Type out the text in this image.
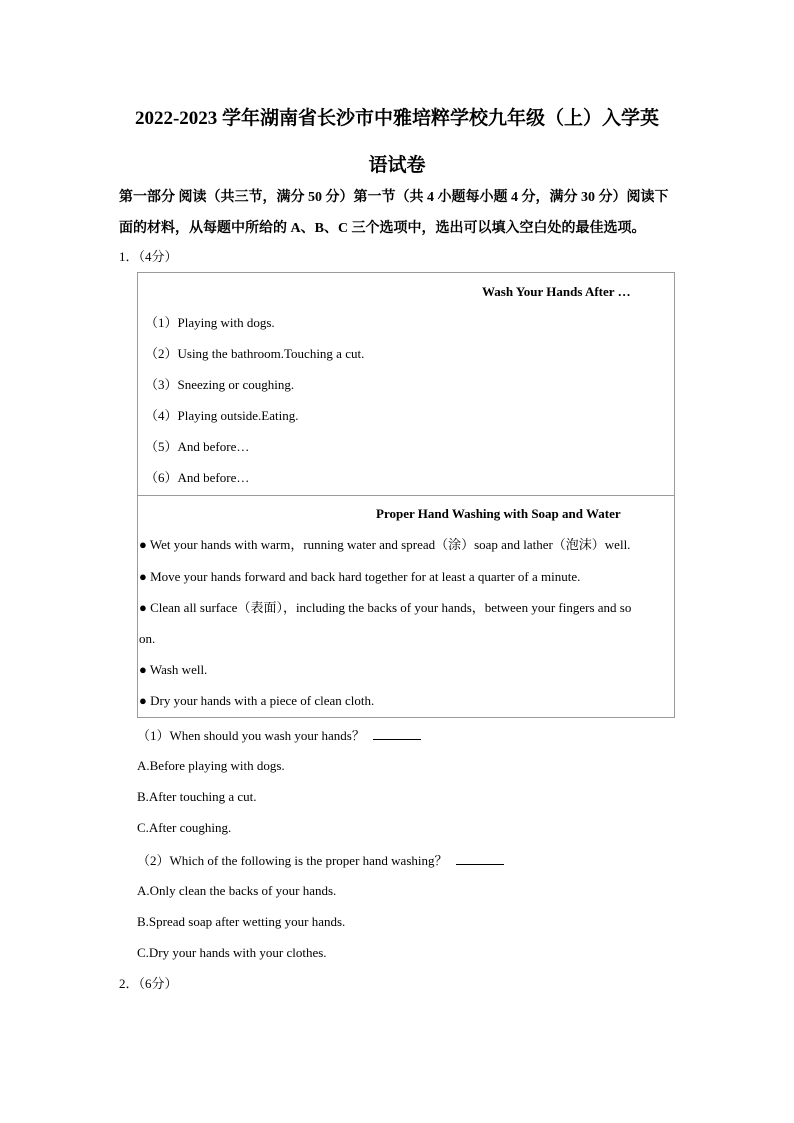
2022-2023 学年湖南省长沙市中雅培粹学校九年级（上）入学英
语试卷
第一部分 阅读（共三节，满分 50 分）第一节（共 4 小题每小题 4 分，满分 30 分）阅读下面的材料，从每题中所给的 A、B、C 三个选项中，选出可以填入空白处的最佳选项。
1．（4分）
Wash Your Hands After …
（1）Playing with dogs.
（2）Using the bathroom.Touching a cut.
（3）Sneezing or coughing.
（4）Playing outside.Eating.
（5）And before…
（6）And before…
Proper Hand Washing with Soap and Water
● Wet your hands with warm，running water and spread（涂）soap and lather（泡沫）well.
● Move your hands forward and back hard together for at least a quarter of a minute.
● Clean all surface（表面），including the backs of your hands，between your fingers and so
on.
● Wash well.
● Dry your hands with a piece of clean cloth.
（1）When should you wash your hands？
A.Before playing with dogs.
B.After touching a cut.
C.After coughing.
（2）Which of the following is the proper hand washing？
A.Only clean the backs of your hands.
B.Spread soap after wetting your hands.
C.Dry your hands with your clothes.
2．（6分）
